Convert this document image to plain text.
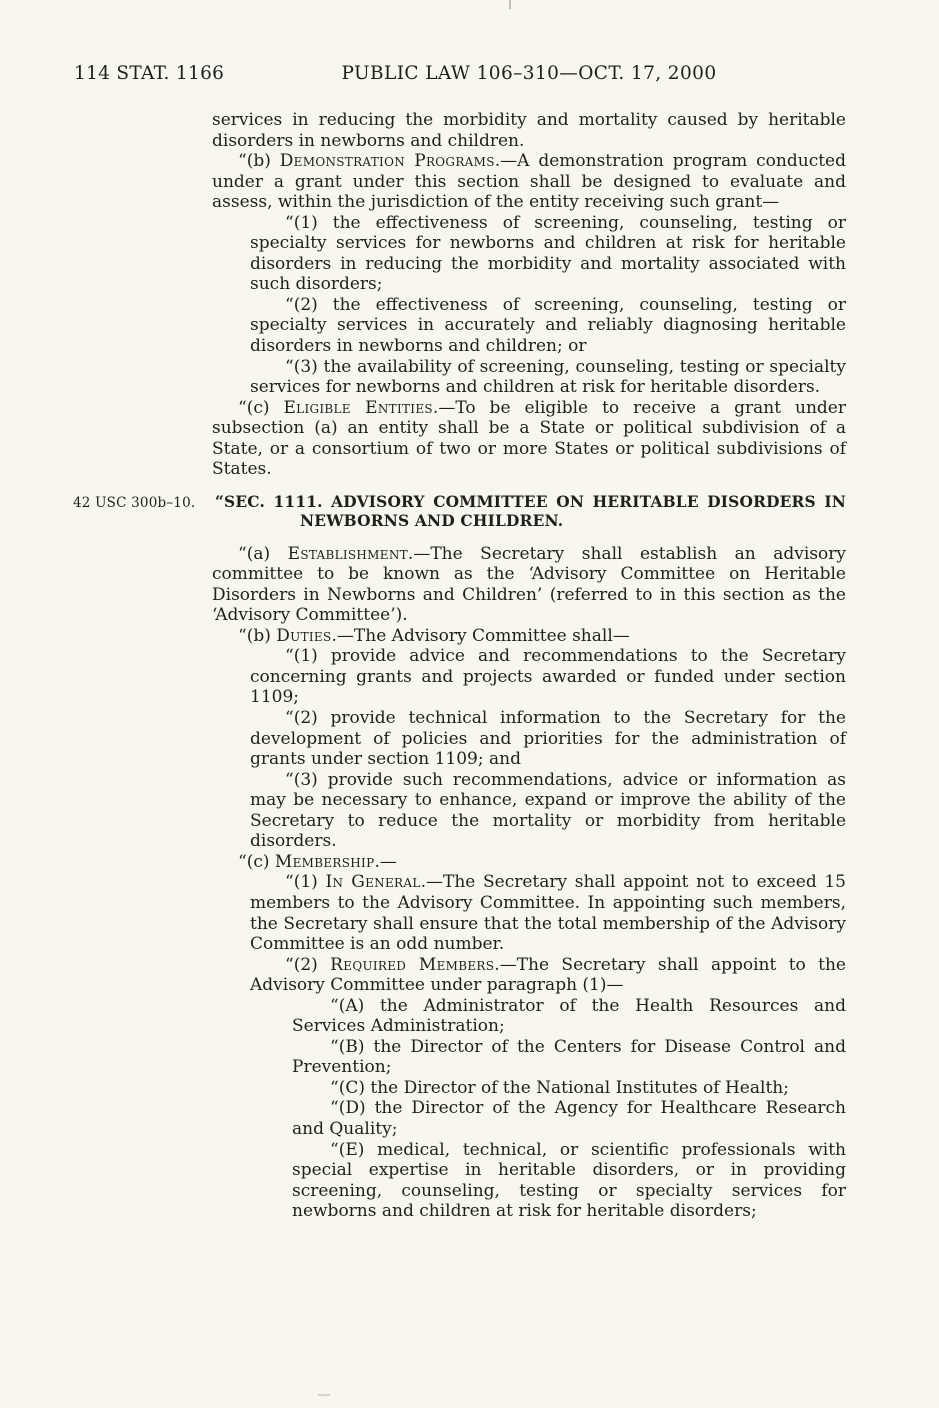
114 STAT. 1166	PUBLIC LAW 106–310—OCT. 17, 2000

services in reducing the morbidity and mortality caused by heritable disorders in newborns and children.

“(b) Demonstration Programs.—A demonstration program conducted under a grant under this section shall be designed to evaluate and assess, within the jurisdiction of the entity receiving such grant—

“(1) the effectiveness of screening, counseling, testing or specialty services for newborns and children at risk for heritable disorders in reducing the morbidity and mortality associated with such disorders;

“(2) the effectiveness of screening, counseling, testing or specialty services in accurately and reliably diagnosing heritable disorders in newborns and children; or

“(3) the availability of screening, counseling, testing or specialty services for newborns and children at risk for heritable disorders.

“(c) Eligible Entities.—To be eligible to receive a grant under subsection (a) an entity shall be a State or political subdivision of a State, or a consortium of two or more States or political subdivisions of States.

42 USC 300b–10.	“SEC. 1111. ADVISORY COMMITTEE ON HERITABLE DISORDERS IN NEWBORNS AND CHILDREN.

“(a) Establishment.—The Secretary shall establish an advisory committee to be known as the ‘Advisory Committee on Heritable Disorders in Newborns and Children’ (referred to in this section as the ‘Advisory Committee’).

“(b) Duties.—The Advisory Committee shall—

“(1) provide advice and recommendations to the Secretary concerning grants and projects awarded or funded under section 1109;

“(2) provide technical information to the Secretary for the development of policies and priorities for the administration of grants under section 1109; and

“(3) provide such recommendations, advice or information as may be necessary to enhance, expand or improve the ability of the Secretary to reduce the mortality or morbidity from heritable disorders.

“(c) Membership.—

“(1) In General.—The Secretary shall appoint not to exceed 15 members to the Advisory Committee. In appointing such members, the Secretary shall ensure that the total membership of the Advisory Committee is an odd number.

“(2) Required Members.—The Secretary shall appoint to the Advisory Committee under paragraph (1)—

“(A) the Administrator of the Health Resources and Services Administration;

“(B) the Director of the Centers for Disease Control and Prevention;

“(C) the Director of the National Institutes of Health;

“(D) the Director of the Agency for Healthcare Research and Quality;

“(E) medical, technical, or scientific professionals with special expertise in heritable disorders, or in providing screening, counseling, testing or specialty services for newborns and children at risk for heritable disorders;
